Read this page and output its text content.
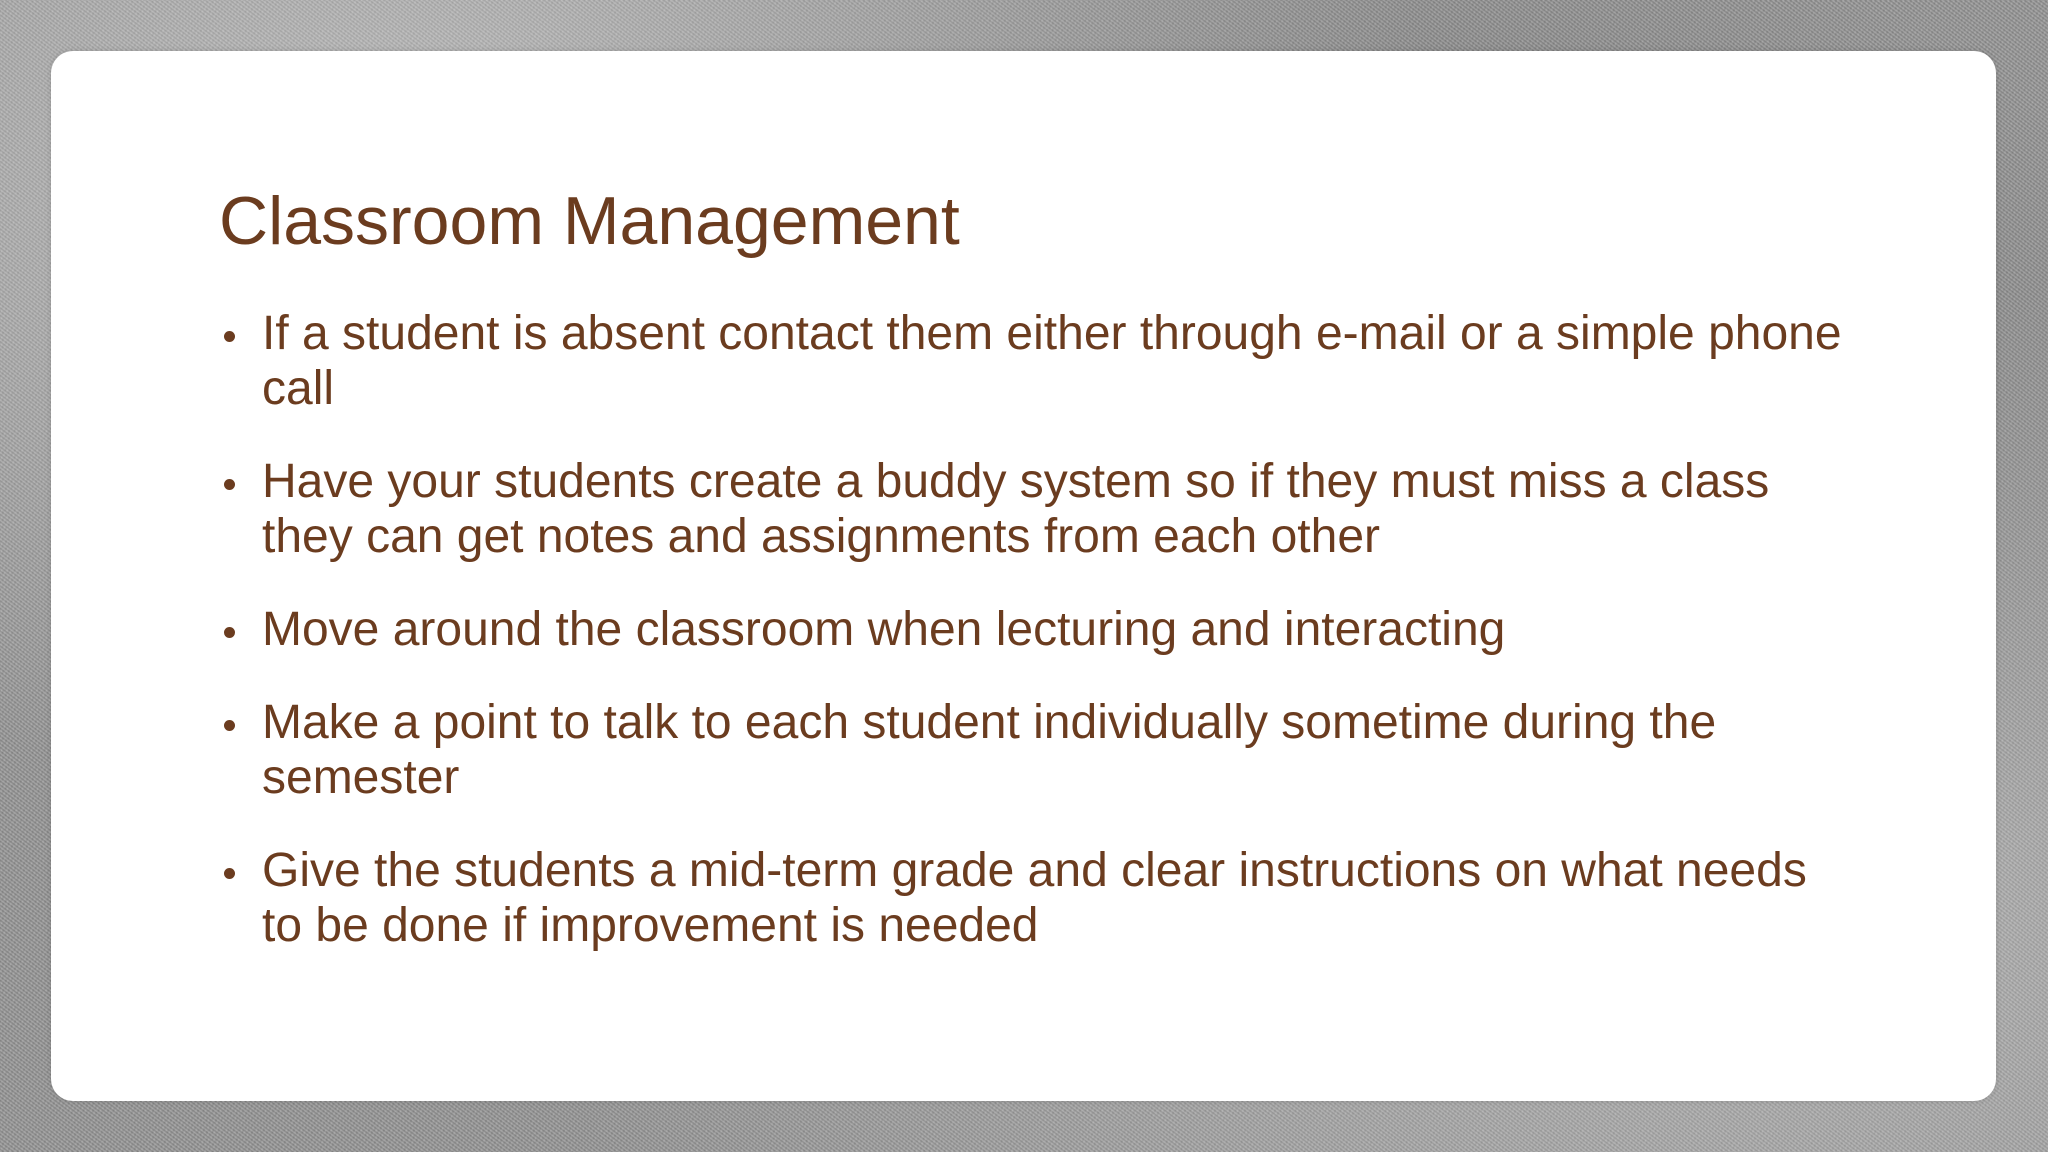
Classroom Management
If a student is absent contact them either through e-mail or a simple phone call
Have your students create a buddy system so if they must miss a class they can get notes and assignments from each other
Move around the classroom when lecturing and interacting
Make a point to talk to each student individually sometime during the semester
Give the students a mid-term grade and clear instructions on what needs to be done if improvement is needed
